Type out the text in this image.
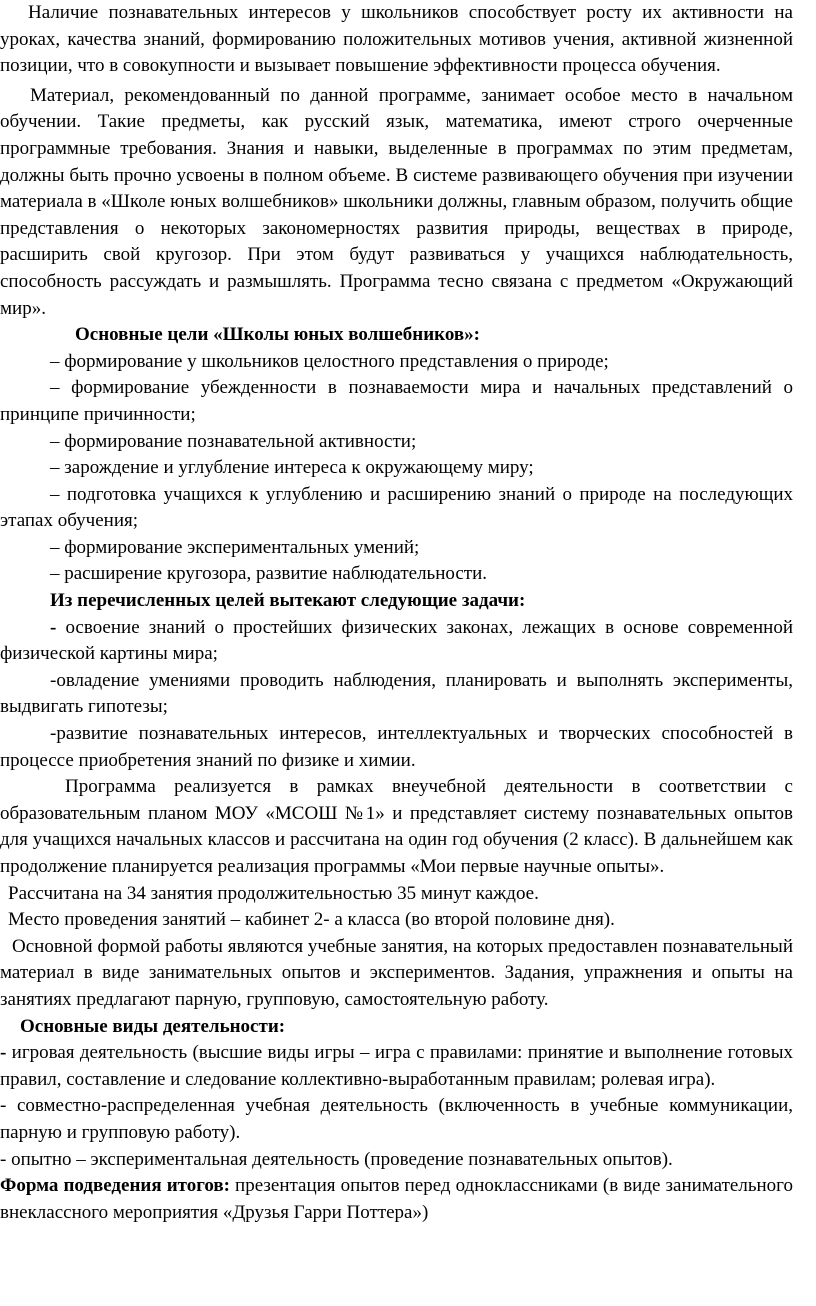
Наличие познавательных интересов у школьников способствует росту их активности на уроках, качества знаний, формированию положительных мотивов учения, активной жизненной позиции, что в совокупности и вызывает повышение эффективности процесса обучения.

Материал, рекомендованный по данной программе, занимает особое место в начальном обучении. Такие предметы, как русский язык, математика, имеют строго очерченные программные требования. Знания и навыки, выделенные в программах по этим предметам, должны быть прочно усвоены в полном объеме. В системе развивающего обучения при изучении материала в «Школе юных волшебников» школьники должны, главным образом, получить общие представления о некоторых закономерностях развития природы, веществах в природе, расширить свой кругозор. При этом будут развиваться у учащихся наблюдательность, способность рассуждать и размышлять. Программа тесно связана с предметом «Окружающий мир».

Основные цели «Школы юных волшебников»:

– формирование у школьников целостного представления о природе;

– формирование убежденности в познаваемости мира и начальных представлений о принципе причинности;

– формирование познавательной активности;

– зарождение и углубление интереса к окружающему миру;

– подготовка учащихся к углублению и расширению знаний о природе на последующих этапах обучения;

– формирование экспериментальных умений;

– расширение кругозора, развитие наблюдательности.

Из перечисленных целей вытекают следующие задачи:

- освоение знаний о простейших физических законах, лежащих в основе современной физической картины мира;

-овладение умениями проводить наблюдения, планировать и выполнять эксперименты, выдвигать гипотезы;

-развитие познавательных интересов, интеллектуальных и творческих способностей в процессе приобретения знаний по физике и химии.

Программа реализуется в рамках внеучебной деятельности в соответствии с образовательным планом МОУ «МСОШ №1» и представляет систему познавательных опытов для учащихся начальных классов и рассчитана на один год обучения (2 класс). В дальнейшем как продолжение планируется реализация программы «Мои первые научные опыты».

Рассчитана на 34 занятия продолжительностью 35 минут каждое.

Место проведения занятий – кабинет 2- а класса (во второй половине дня).

Основной формой работы являются учебные занятия, на которых предоставлен познавательный материал в виде занимательных опытов и экспериментов. Задания, упражнения и опыты на занятиях предлагают парную, групповую, самостоятельную работу.

Основные виды деятельности:

- игровая деятельность (высшие виды игры – игра с правилами: принятие и выполнение готовых правил, составление и следование коллективно-выработанным правилам; ролевая игра).

- совместно-распределенная учебная деятельность (включенность в учебные коммуникации, парную и групповую работу).

- опытно – экспериментальная деятельность (проведение познавательных опытов).

Форма подведения итогов: презентация опытов перед одноклассниками (в виде занимательного внеклассного мероприятия «Друзья Гарри Поттера»)
